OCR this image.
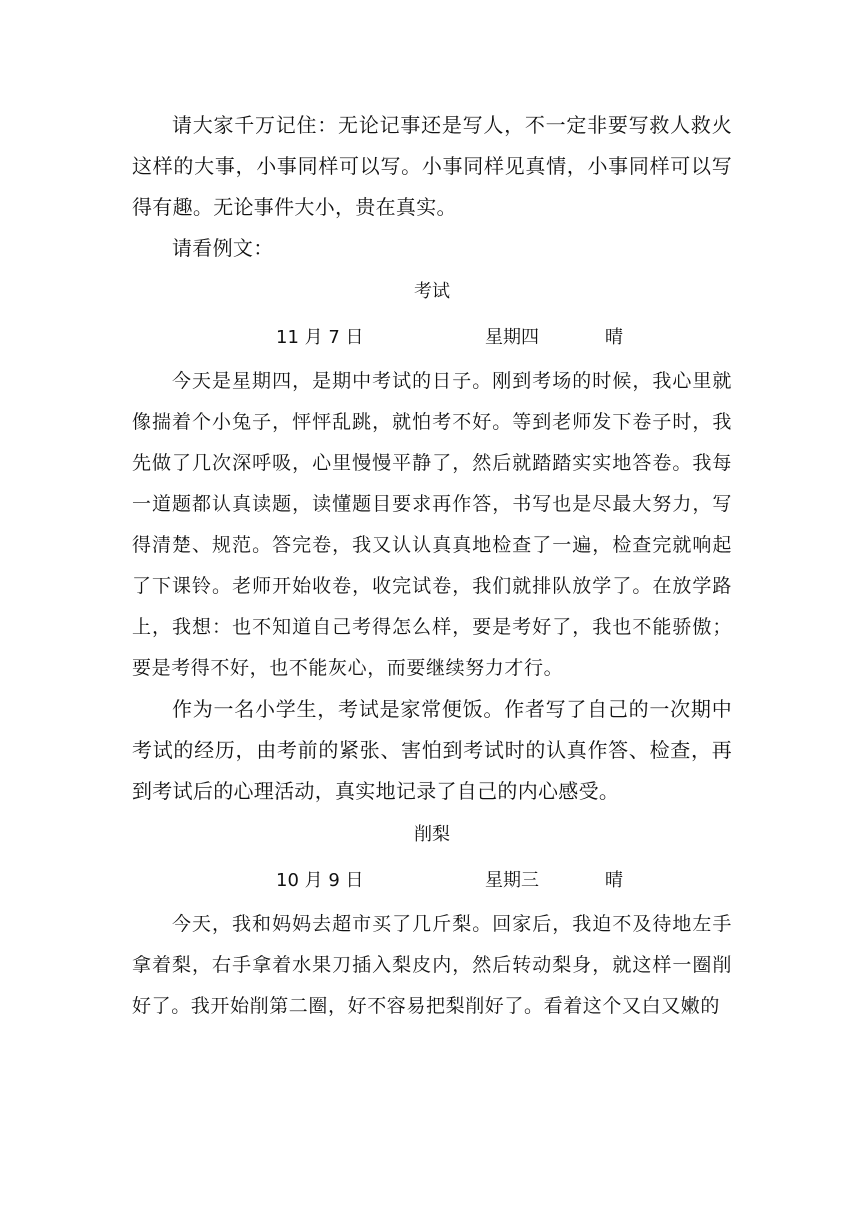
请大家千万记住：无论记事还是写人，不一定非要写救人救火这样的大事，小事同样可以写。小事同样见真情，小事同样可以写得有趣。无论事件大小，贵在真实。

请看例文：

考试

11 月 7 日	星期四	晴

今天是星期四，是期中考试的日子。刚到考场的时候，我心里就像揣着个小兔子，怦怦乱跳，就怕考不好。等到老师发下卷子时，我先做了几次深呼吸，心里慢慢平静了，然后就踏踏实实地答卷。我每一道题都认真读题，读懂题目要求再作答，书写也是尽最大努力，写得清楚、规范。答完卷，我又认认真真地检查了一遍，检查完就响起了下课铃。老师开始收卷，收完试卷，我们就排队放学了。在放学路上，我想：也不知道自己考得怎么样，要是考好了，我也不能骄傲；要是考得不好，也不能灰心，而要继续努力才行。

作为一名小学生，考试是家常便饭。作者写了自己的一次期中考试的经历，由考前的紧张、害怕到考试时的认真作答、检查，再到考试后的心理活动，真实地记录了自己的内心感受。

削梨

10 月 9 日	星期三	晴

今天，我和妈妈去超市买了几斤梨。回家后，我迫不及待地左手拿着梨，右手拿着水果刀插入梨皮内，然后转动梨身，就这样一圈削好了。我开始削第二圈，好不容易把梨削好了。看着这个又白又嫩的
